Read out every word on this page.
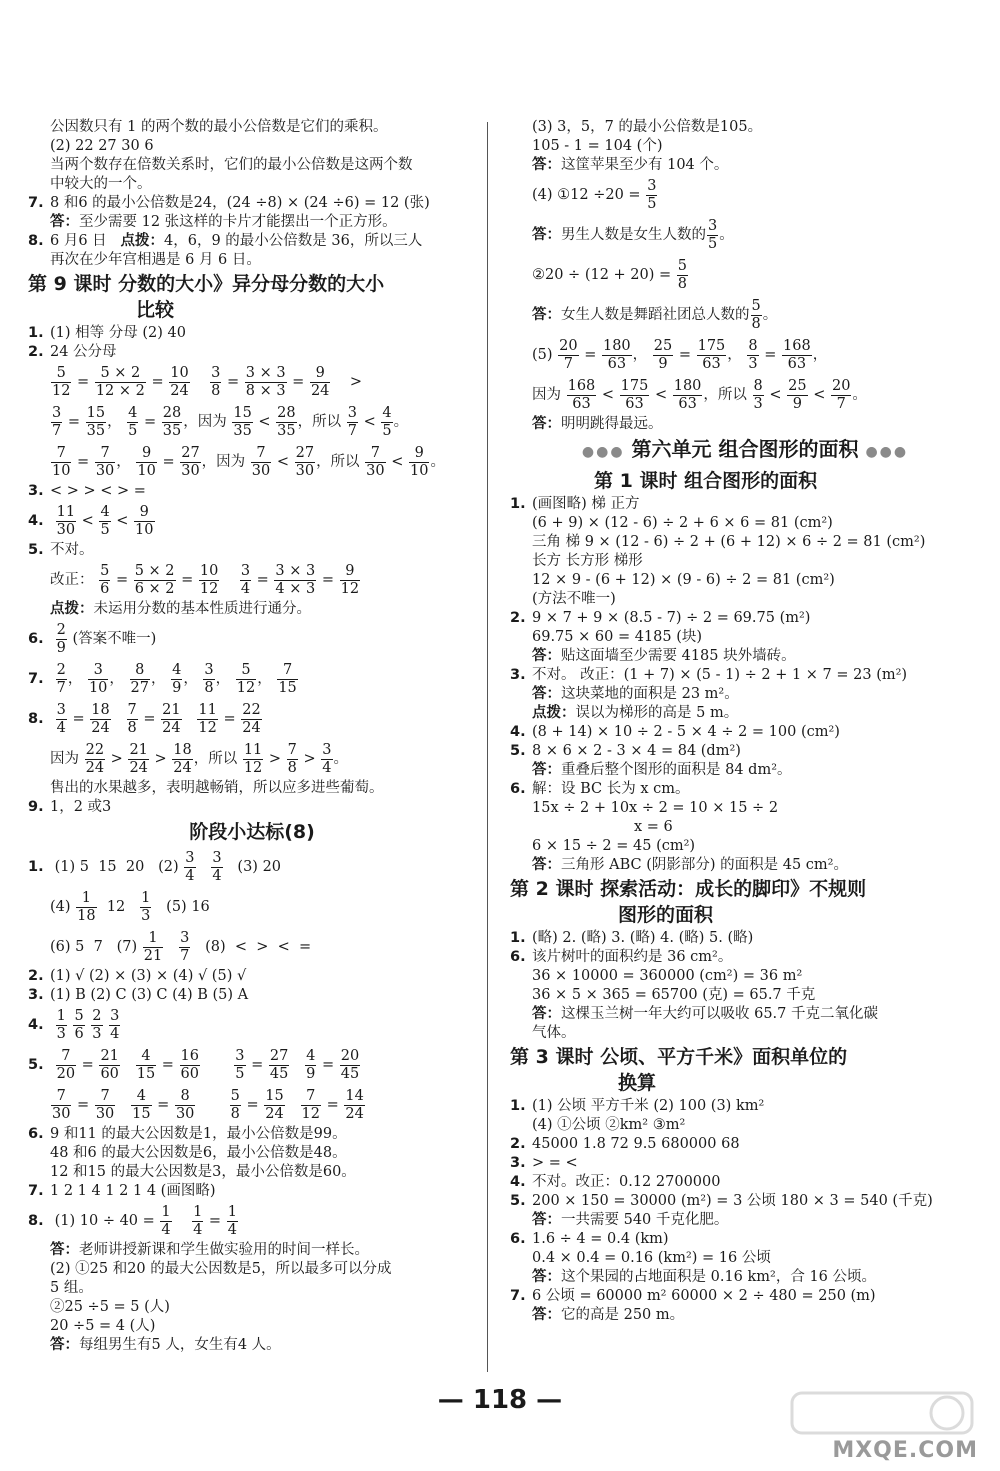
公因数只有 1 的两个数的最小公倍数是它们的乘积。
(2) 22 27 30 6
当两个数存在倍数关系时，它们的最小公倍数是这两个数
中较大的一个。
7. 8 和6 的最小公倍数是24，(24 ÷8) × (24 ÷6) = 12 (张)
答：至少需要 12 张这样的卡片才能摆出一个正方形。
8. 6 月6 日 点拨：4，6，9 的最小公倍数是 36，所以三人
再次在少年宫相遇是 6 月 6 日。
第 9 课时 分数的大小》异分母分数的大小
比较
1. (1) 相等 分母 (2) 40
2. 24 公分母
$\frac{5}{12} = \frac{5 \times 2}{12 \times 2} = \frac{10}{24}$
$\frac{3}{8} = \frac{3 \times 3}{8 \times 3} = \frac{9}{24}$ >
$\frac{3}{7} = \frac{15}{35}$ ， $\frac{4}{5} = \frac{28}{35}$ ，因为 $\frac{15}{35} < \frac{28}{35}$ ，所以 $\frac{3}{7} < \frac{4}{5}$ 。
$\frac{7}{10} = \frac{7}{30}$ ， $\frac{9}{10} = \frac{27}{30}$ ，因为 $\frac{7}{30} < \frac{27}{30}$ ，所以 $\frac{7}{30} < \frac{9}{10}$ 。
3. < > > < > =
4. $\frac{11}{30} < \frac{4}{5} < \frac{9}{10}$
5. 不对。
改正： $\frac{5}{6} = \frac{5 \times 2}{6 \times 2} = \frac{10}{12}$
$\frac{3}{4} = \frac{3 \times 3}{4 \times 3} = \frac{9}{12}$
点拨：未运用分数的基本性质进行通分。
6. $\frac{2}{9}$ (答案不唯一)
7. $\frac{2}{7}$ ， $\frac{3}{10}$ ， $\frac{8}{27}$ ， $\frac{4}{9}$ ， $\frac{3}{8}$ ， $\frac{5}{12}$ ， $\frac{7}{15}$
8. $\frac{3}{4} = \frac{18}{24}$
$\frac{7}{8} = \frac{21}{24}$
$\frac{11}{12} = \frac{22}{24}$
因为 $\frac{22}{24} > \frac{21}{24} > \frac{18}{24}$ ，所以 $\frac{11}{12} > \frac{7}{8} > \frac{3}{4}$ 。
售出的水果越多，表明越畅销，所以应多进些葡萄。
9. 1，2 或3
阶段小达标(8)
1. (1) 5  15  20   $(2) \frac{3}{4}$
$\frac{3}{4} (3)$ 20
$(4) \frac{1}{18} 12 \frac{1}{3} (5)$ 16
(6) 5  7   $(7) \frac{1}{21}$
$\frac{3}{7} (8)$  <  >  <  =
2. (1) √ (2) × (3) × (4) √ (5) √
3. (1) B (2) C (3) C (4) B (5) A
4. $\frac{1}{3}$
$\frac{5}{6}$
$\frac{2}{3}$
$\frac{3}{4}$
5. $\frac{7}{20} = \frac{21}{60}$
$\frac{4}{15} = \frac{16}{60}$
$\frac{3}{5} = \frac{27}{45}$
$\frac{4}{9} = \frac{20}{45}$
$\frac{7}{30} = \frac{7}{30}$
$\frac{4}{15} = \frac{8}{30}$
$\frac{5}{8} = \frac{15}{24}$
$\frac{7}{12} = \frac{14}{24}$
6. 9 和11 的最大公因数是1，最小公倍数是99。
48 和6 的最大公因数是6，最小公倍数是48。
12 和15 的最大公因数是3，最小公倍数是60。
7. 1 2 1 4 1 2 1 4 (画图略)
8. (1) $10 \div 40 = \frac{1}{4}$
$\frac{1}{4} = \frac{1}{4}$
答：老师讲授新课和学生做实验用的时间一样长。
(2) ①25 和20 的最大公因数是5，所以最多可以分成
5 组。
②25 ÷5 = 5 (人)
20 ÷5 = 4 (人)
答：每组男生有5 人，女生有4 人。
(3) 3，5，7 的最小公倍数是105。
105 - 1 = 104 (个)
答：这筐苹果至少有 104 个。
(4) ①12 $\div 20 = \frac{3}{5}$
答：男生人数是女生人数的 $\frac{3}{5}$ 。
②20 ÷ $(12 + 20) = \frac{5}{8}$
答：女生人数是舞蹈社团总人数的 $\frac{5}{8}$ 。
$(5) \frac{20}{7} = \frac{180}{63}$ ， $\frac{25}{9} = \frac{175}{63}$ ， $\frac{8}{3} = \frac{168}{63}$ ，
因为 $\frac{168}{63} < \frac{175}{63} < \frac{180}{63}$ ，所以 $\frac{8}{3} < \frac{25}{9} < \frac{20}{7}$ 。
答：明明跳得最远。
●●● 第六单元 组合图形的面积 ●●●
第 1 课时 组合图形的面积
1. (画图略) 梯 正方
(6 + 9) × (12 - 6) ÷ 2 + 6 × 6 = 81 (cm²)
三角 梯 9 × (12 - 6) ÷ 2 + (6 + 12) × 6 ÷ 2 = 81 (cm²)
长方 长方形 梯形
12 × 9 - (6 + 12) × (9 - 6) ÷ 2 = 81 (cm²)
(方法不唯一)
2. 9 × 7 + 9 × (8.5 - 7) ÷ 2 = 69.75 (m²)
69.75 × 60 = 4185 (块)
答：贴这面墙至少需要 4185 块外墙砖。
3. 不对。 改正：(1 + 7) × (5 - 1) ÷ 2 + 1 × 7 = 23 (m²)
答：这块菜地的面积是 23 m²。
点拨：误以为梯形的高是 5 m。
4. (8 + 14) × 10 ÷ 2 - 5 × 4 ÷ 2 = 100 (cm²)
5. 8 × 6 × 2 - 3 × 4 = 84 (dm²)
答：重叠后整个图形的面积是 84 dm²。
6. 解：设 BC 长为 x cm。
15x ÷ 2 + 10x ÷ 2 = 10 × 15 ÷ 2
x = 6
6 × 15 ÷ 2 = 45 (cm²)
答：三角形 ABC (阴影部分) 的面积是 45 cm²。
第 2 课时 探索活动：成长的脚印》不规则
图形的面积
1. (略) 2. (略) 3. (略) 4. (略) 5. (略)
6. 该片树叶的面积约是 36 cm²。
36 × 10000 = 360000 (cm²) = 36 m²
36 × 5 × 365 = 65700 (克) = 65.7 千克
答：这棵玉兰树一年大约可以吸收 65.7 千克二氧化碳
气体。
第 3 课时 公顷、平方千米》面积单位的
换算
1. (1) 公顷 平方千米 (2) 100 (3) km²
(4) ①公顷 ②km² ③m²
2. 45000 1.8 72 9.5 680000 68
3. > = <
4. 不对。改正：0.12 2700000
5. 200 × 150 = 30000 (m²) = 3 公顷 180 × 3 = 540 (千克)
答：一共需要 540 千克化肥。
6. 1.6 ÷ 4 = 0.4 (km)
0.4 × 0.4 = 0.16 (km²) = 16 公顷
答：这个果园的占地面积是 0.16 km²，合 16 公顷。
7. 6 公顷 = 60000 m² 60000 × 2 ÷ 480 = 250 (m)
答：它的高是 250 m。
— 118 —
MXQE.COM
